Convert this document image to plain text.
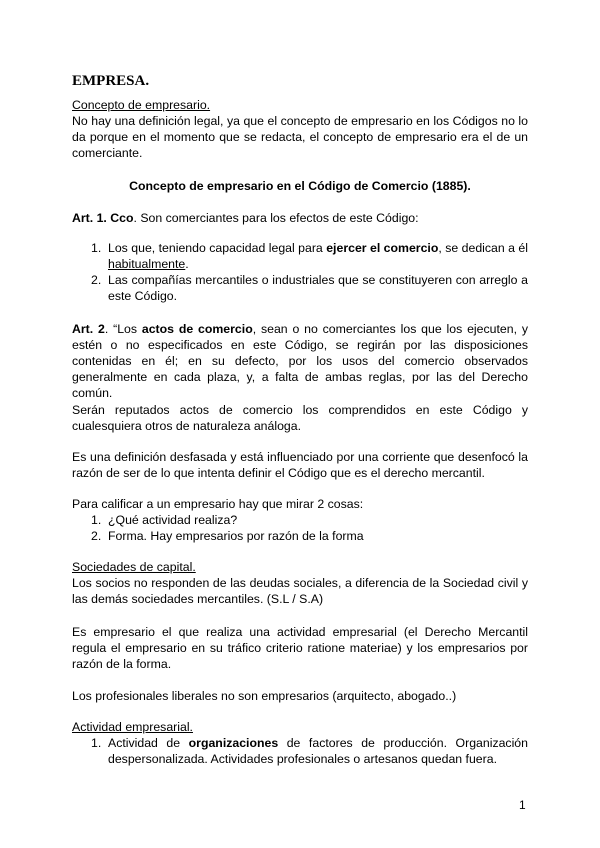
EMPRESA.
Concepto de empresario.
No hay una definición legal, ya que el concepto de empresario en los Códigos no lo da porque en el momento que se redacta, el concepto de empresario era el de un comerciante.
Concepto de empresario en el Código de Comercio (1885).
Art. 1. Cco. Son comerciantes para los efectos de este Código:
1. Los que, teniendo capacidad legal para ejercer el comercio, se dedican a él habitualmente.
2. Las compañías mercantiles o industriales que se constituyeren con arreglo a este Código.
Art. 2. “Los actos de comercio, sean o no comerciantes los que los ejecuten, y estén o no especificados en este Código, se regirán por las disposiciones contenidas en él; en su defecto, por los usos del comercio observados generalmente en cada plaza, y, a falta de ambas reglas, por las del Derecho común.
Serán reputados actos de comercio los comprendidos en este Código y cualesquiera otros de naturaleza análoga.
Es una definición desfasada y está influenciado por una corriente que desenfocó la razón de ser de lo que intenta definir el Código que es el derecho mercantil.
Para calificar a un empresario hay que mirar 2 cosas:
1. ¿Qué actividad realiza?
2. Forma. Hay empresarios por razón de la forma
Sociedades de capital.
Los socios no responden de las deudas sociales, a diferencia de la Sociedad civil y las demás sociedades mercantiles. (S.L / S.A)
Es empresario el que realiza una actividad empresarial (el Derecho Mercantil regula el empresario en su tráfico criterio ratione materiae) y los empresarios por razón de la forma.
Los profesionales liberales no son empresarios (arquitecto, abogado..)
Actividad empresarial.
1. Actividad de organizaciones de factores de producción. Organización despersonalizada. Actividades profesionales o artesanos quedan fuera.
1
